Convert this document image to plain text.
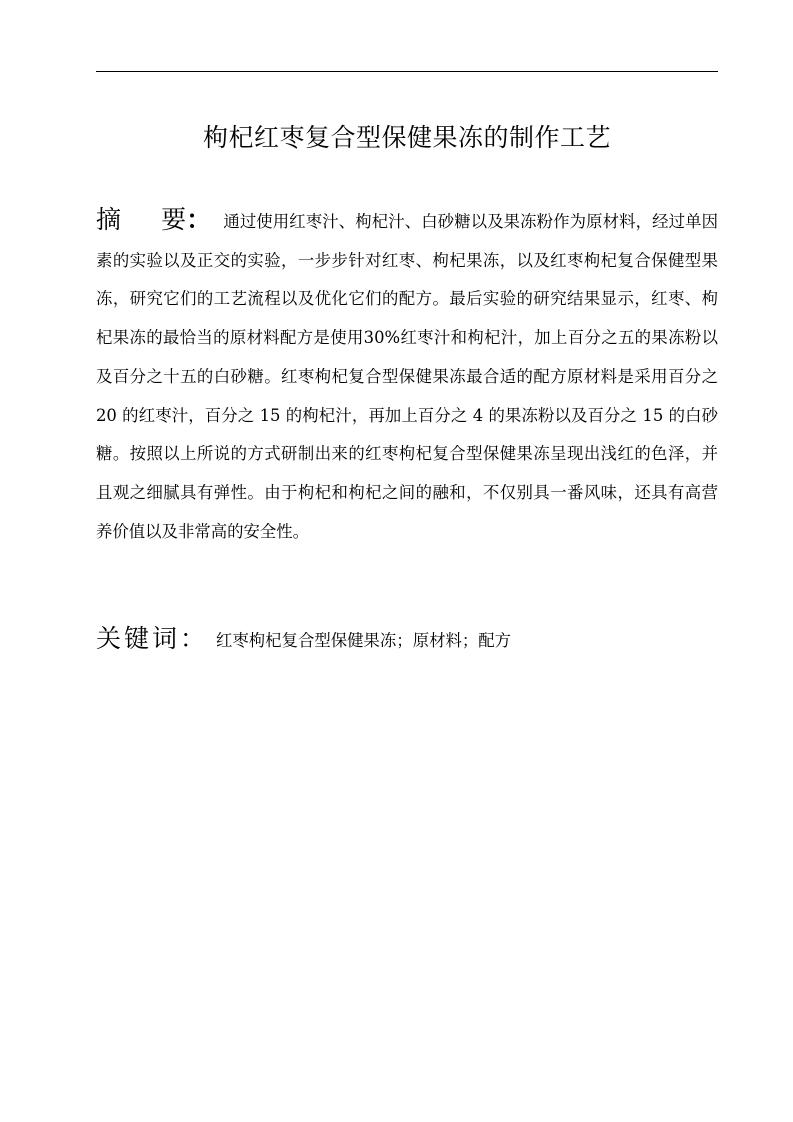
枸杞红枣复合型保健果冻的制作工艺

摘 要： 通过使用红枣汁、枸杞汁、白砂糖以及果冻粉作为原材料，经过单因素的实验以及正交的实验，一步步针对红枣、枸杞果冻，以及红枣枸杞复合保健型果冻，研究它们的工艺流程以及优化它们的配方。最后实验的研究结果显示，红枣、枸杞果冻的最恰当的原材料配方是使用30%红枣汁和枸杞汁，加上百分之五的果冻粉以及百分之十五的白砂糖。红枣枸杞复合型保健果冻最合适的配方原材料是采用百分之 20 的红枣汁，百分之 15 的枸杞汁，再加上百分之 4 的果冻粉以及百分之 15 的白砂糖。按照以上所说的方式研制出来的红枣枸杞复合型保健果冻呈现出浅红的色泽，并且观之细腻具有弹性。由于枸杞和枸杞之间的融和，不仅别具一番风味，还具有高营养价值以及非常高的安全性。

关键词： 红枣枸杞复合型保健果冻；原材料；配方
